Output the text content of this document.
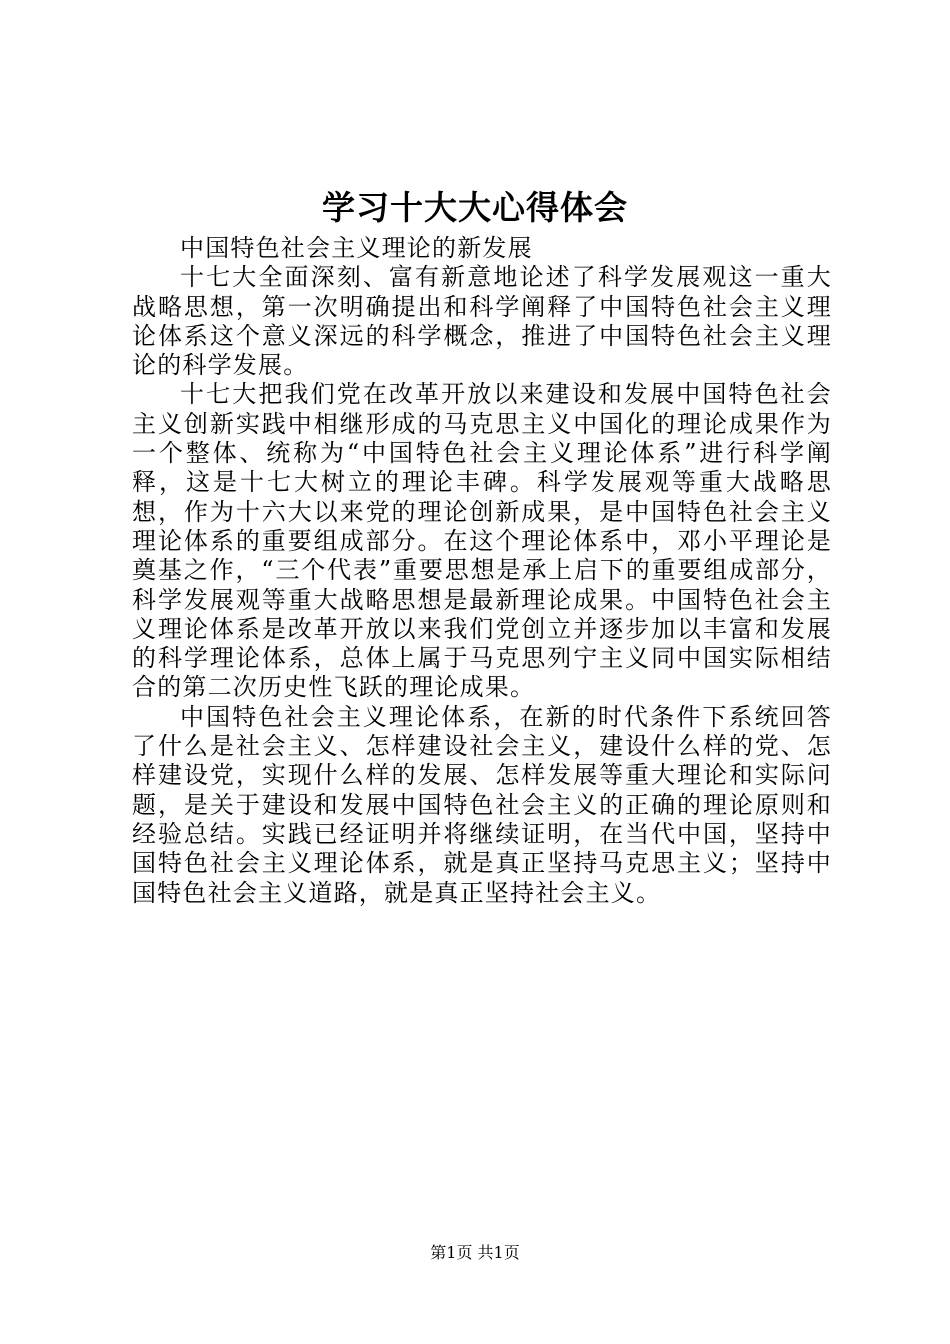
学习十大大心得体会

中国特色社会主义理论的新发展

十七大全面深刻、富有新意地论述了科学发展观这一重大战略思想，第一次明确提出和科学阐释了中国特色社会主义理论体系这个意义深远的科学概念，推进了中国特色社会主义理论的科学发展。

十七大把我们党在改革开放以来建设和发展中国特色社会主义创新实践中相继形成的马克思主义中国化的理论成果作为一个整体、统称为“中国特色社会主义理论体系”进行科学阐释，这是十七大树立的理论丰碑。科学发展观等重大战略思想，作为十六大以来党的理论创新成果，是中国特色社会主义理论体系的重要组成部分。在这个理论体系中，邓小平理论是奠基之作，“三个代表”重要思想是承上启下的重要组成部分，科学发展观等重大战略思想是最新理论成果。中国特色社会主义理论体系是改革开放以来我们党创立并逐步加以丰富和发展的科学理论体系，总体上属于马克思列宁主义同中国实际相结合的第二次历史性飞跃的理论成果。

中国特色社会主义理论体系，在新的时代条件下系统回答了什么是社会主义、怎样建设社会主义，建设什么样的党、怎样建设党，实现什么样的发展、怎样发展等重大理论和实际问题，是关于建设和发展中国特色社会主义的正确的理论原则和经验总结。实践已经证明并将继续证明，在当代中国，坚持中国特色社会主义理论体系，就是真正坚持马克思主义；坚持中国特色社会主义道路，就是真正坚持社会主义。

第1页 共1页
